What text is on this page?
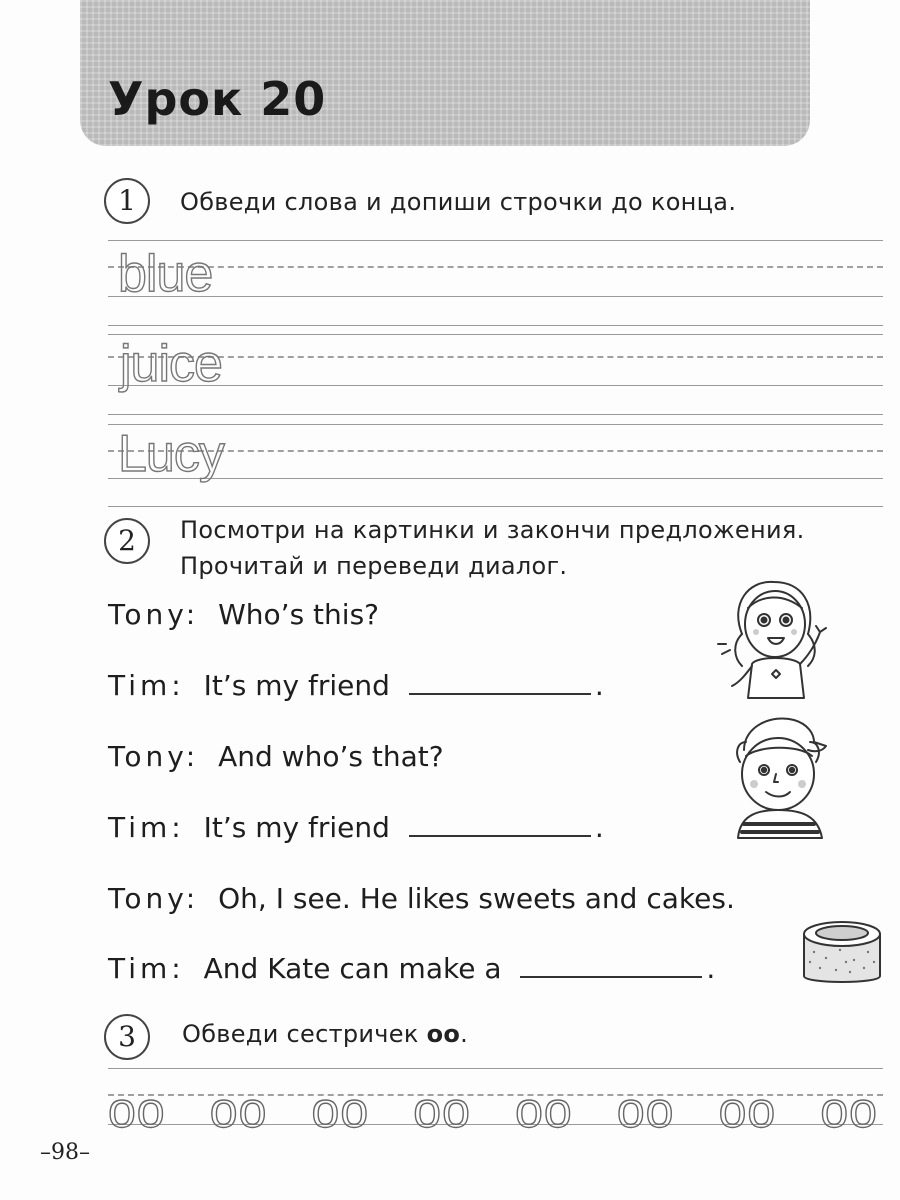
Урок 20
1	Обведи слова и допиши строчки до конца.
blue
juice
Lucy
2	Посмотри на картинки и закончи предложения.
Прочитай и переведи диалог.
Tony: Who’s this?
Tim: It’s my friend	.
Tony: And who’s that?
Tim: It’s my friend	.
Tony: Oh, I see. He likes sweets and cakes.
Tim: And Kate can make a	.
3	Обведи сестричек oo.
oo oo oo oo oo oo oo oo
–98–
